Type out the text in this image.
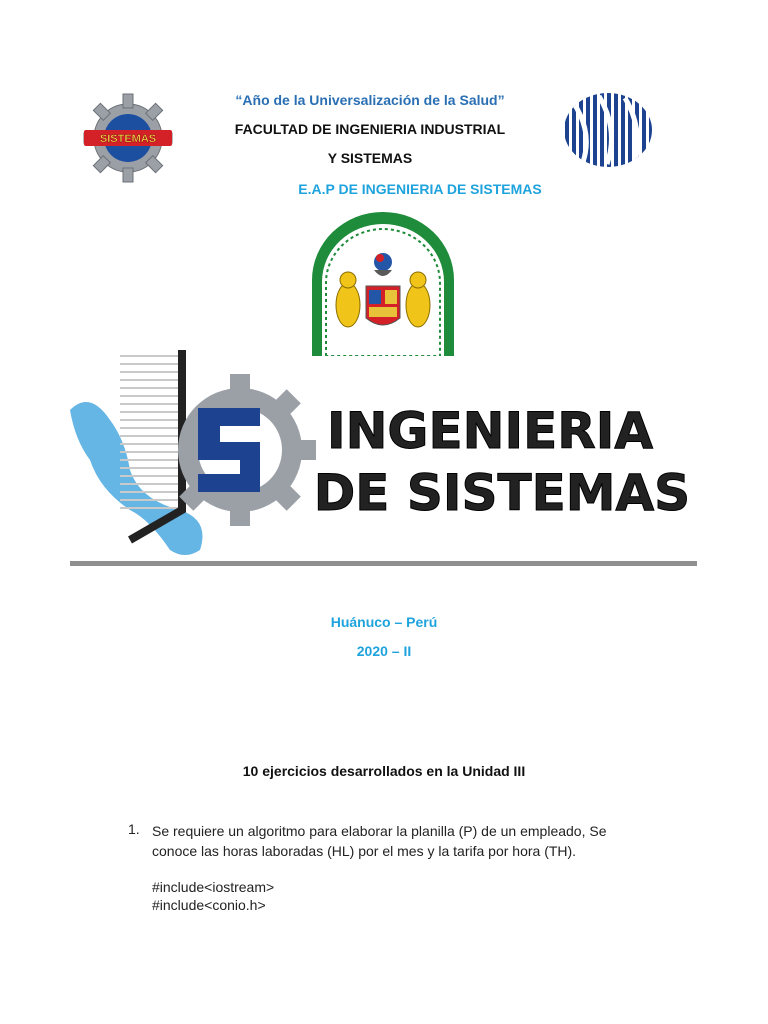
SISTEMAS
“Año de la Universalización de la Salud”
FACULTAD DE INGENIERIA INDUSTRIAL
Y SISTEMAS
E.A.P DE INGENIERIA DE SISTEMAS
INGENIERIA
DE SISTEMAS
Huánuco – Perú
2020 – II
10 ejercicios desarrollados en la Unidad III
1. Se requiere un algoritmo para elaborar la planilla (P) de un empleado, Se
conoce las horas laboradas (HL) por el mes y la tarifa por hora (TH).
#include<iostream>
#include<conio.h>
